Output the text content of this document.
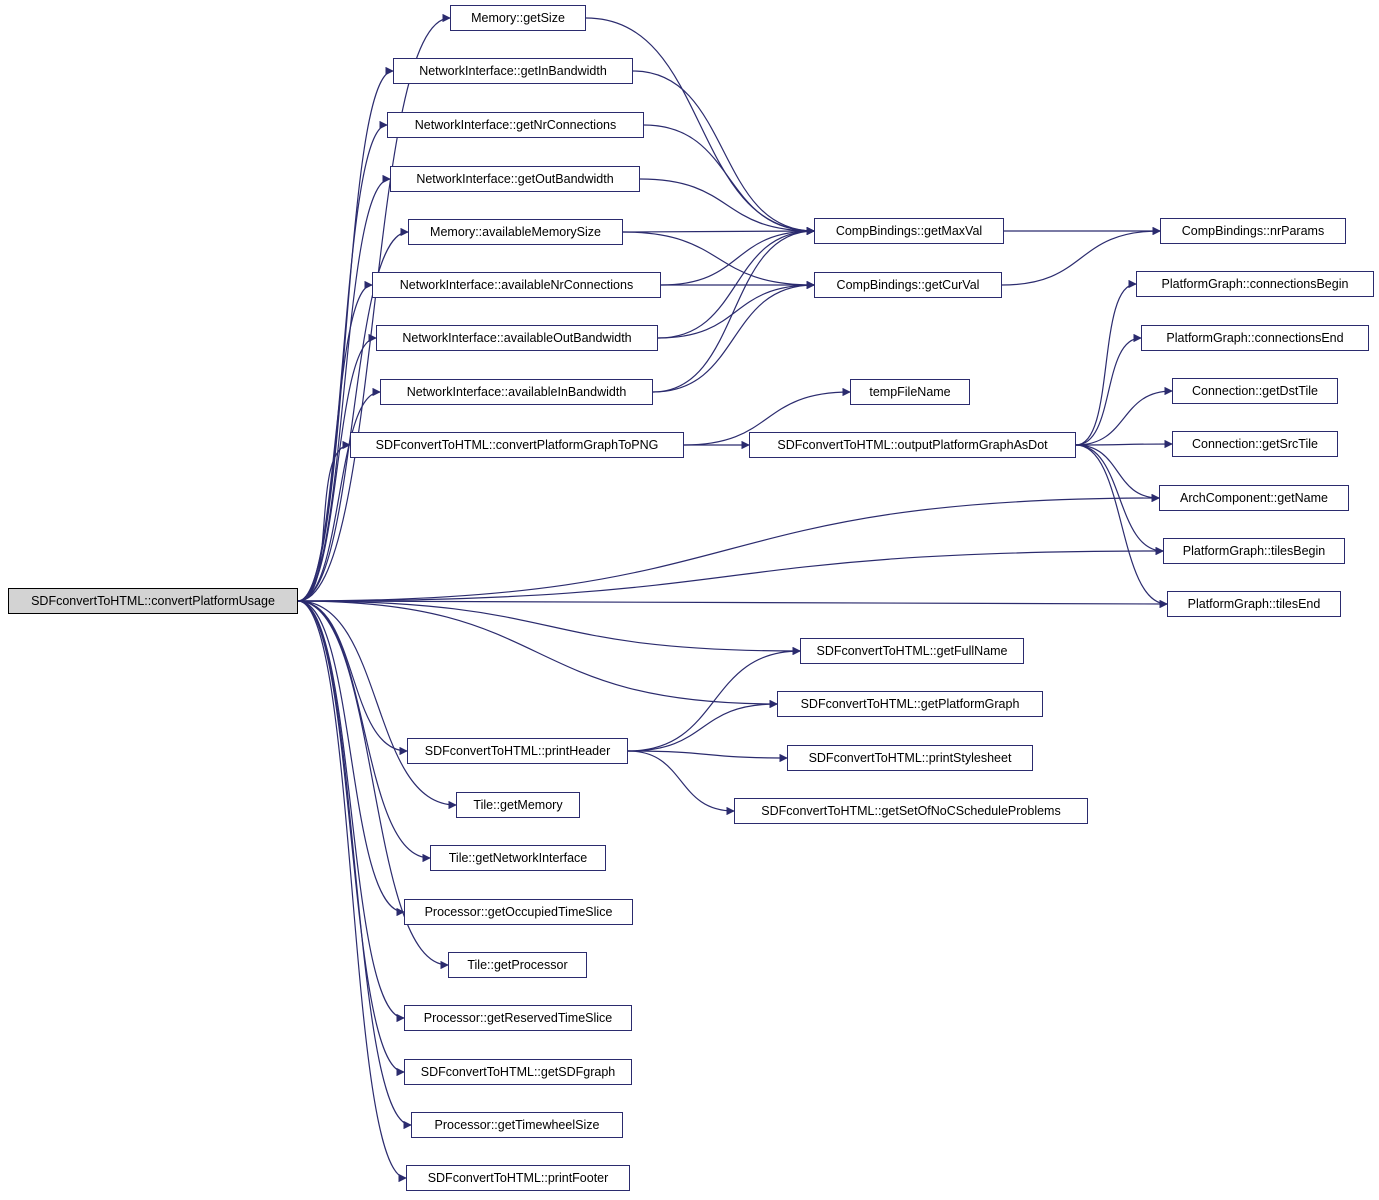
SDFconvertToHTML::convertPlatformUsage
Memory::getSize
NetworkInterface::getInBandwidth
NetworkInterface::getNrConnections
NetworkInterface::getOutBandwidth
Memory::availableMemorySize
NetworkInterface::availableNrConnections
NetworkInterface::availableOutBandwidth
NetworkInterface::availableInBandwidth
SDFconvertToHTML::convertPlatformGraphToPNG
CompBindings::getMaxVal
CompBindings::getCurVal
tempFileName
SDFconvertToHTML::outputPlatformGraphAsDot
CompBindings::nrParams
PlatformGraph::connectionsBegin
PlatformGraph::connectionsEnd
Connection::getDstTile
Connection::getSrcTile
ArchComponent::getName
PlatformGraph::tilesBegin
PlatformGraph::tilesEnd
SDFconvertToHTML::getFullName
SDFconvertToHTML::getPlatformGraph
SDFconvertToHTML::printHeader	SDFconvertToHTML::printStylesheet
SDFconvertToHTML::getSetOfNoCScheduleProblems
Tile::getMemory
Tile::getNetworkInterface
Processor::getOccupiedTimeSlice
Tile::getProcessor
Processor::getReservedTimeSlice
SDFconvertToHTML::getSDFgraph
Processor::getTimewheelSize
SDFconvertToHTML::printFooter
